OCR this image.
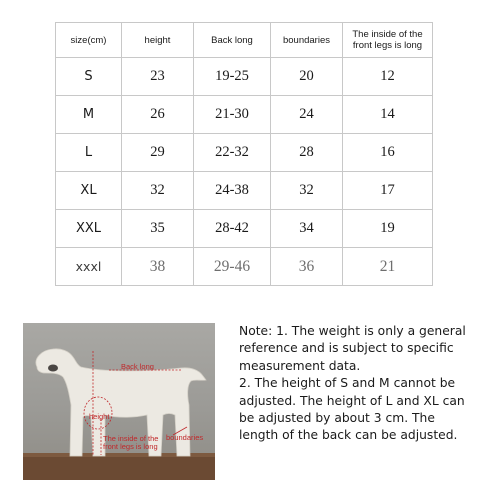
size(cm)	height	Back long	boundaries	The inside of the front legs is long
S	23	19-25	20	12
M	26	21-30	24	14
L	29	22-32	28	16
XL	32	24-38	32	17
XXL	35	28-42	34	19
xxxl	38	29-46	36	21
Back long
height
The inside of the front legs is long
boundaries

Note: 1. The weight is only a general reference and is subject to specific measurement data.

2. The height of S and M cannot be adjusted. The height of L and XL can be adjusted by about 3 cm. The length of the back can be adjusted.
